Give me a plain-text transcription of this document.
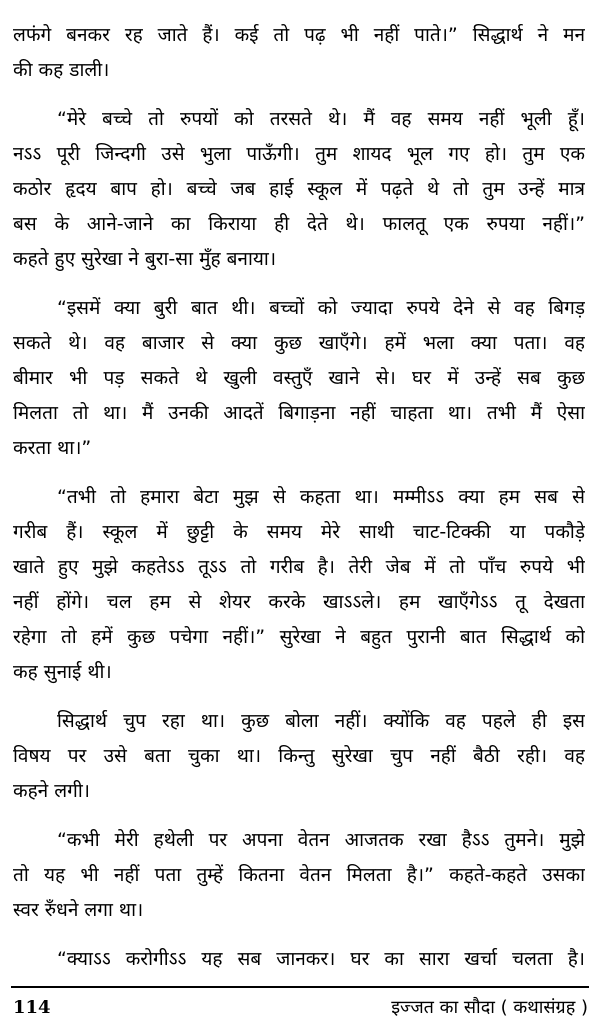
लफंगे बनकर रह जाते हैं। कई तो पढ़ भी नहीं पाते।” सिद्धार्थ ने मन
की कह डाली।
“मेरे बच्चे तो रुपयों को तरसते थे। मैं वह समय नहीं भूली हूँ।
नऽऽ पूरी जिन्दगी उसे भुला पाऊँगी। तुम शायद भूल गए हो। तुम एक
कठोर हृदय बाप हो। बच्चे जब हाई स्कूल में पढ़ते थे तो तुम उन्हें मात्र
बस के आने-जाने का किराया ही देते थे। फालतू एक रुपया नहीं।”
कहते हुए सुरेखा ने बुरा-सा मुँह बनाया।
“इसमें क्या बुरी बात थी। बच्चों को ज्यादा रुपये देने से वह बिगड़
सकते थे। वह बाजार से क्या कुछ खाएँगे। हमें भला क्या पता। वह
बीमार भी पड़ सकते थे खुली वस्तुएँ खाने से। घर में उन्हें सब कुछ
मिलता तो था। मैं उनकी आदतें बिगाड़ना नहीं चाहता था। तभी मैं ऐसा
करता था।”
“तभी तो हमारा बेटा मुझ से कहता था। मम्मीऽऽ क्या हम सब से
गरीब हैं। स्कूल में छुट्टी के समय मेरे साथी चाट-टिक्की या पकौड़े
खाते हुए मुझे कहतेऽऽ तूऽऽ तो गरीब है। तेरी जेब में तो पाँच रुपये भी
नहीं होंगे। चल हम से शेयर करके खाऽऽले। हम खाएँगेऽऽ तू देखता
रहेगा तो हमें कुछ पचेगा नहीं।” सुरेखा ने बहुत पुरानी बात सिद्धार्थ को
कह सुनाई थी।
सिद्धार्थ चुप रहा था। कुछ बोला नहीं। क्योंकि वह पहले ही इस
विषय पर उसे बता चुका था। किन्तु सुरेखा चुप नहीं बैठी रही। वह
कहने लगी।
“कभी मेरी हथेली पर अपना वेतन आजतक रखा हैऽऽ तुमने। मुझे
तो यह भी नहीं पता तुम्हें कितना वेतन मिलता है।” कहते-कहते उसका
स्वर रुँधने लगा था।
“क्याऽऽ करोगीऽऽ यह सब जानकर। घर का सारा खर्चा चलता है।
114	इज्जत का सौदा ( कथासंग्रह )
